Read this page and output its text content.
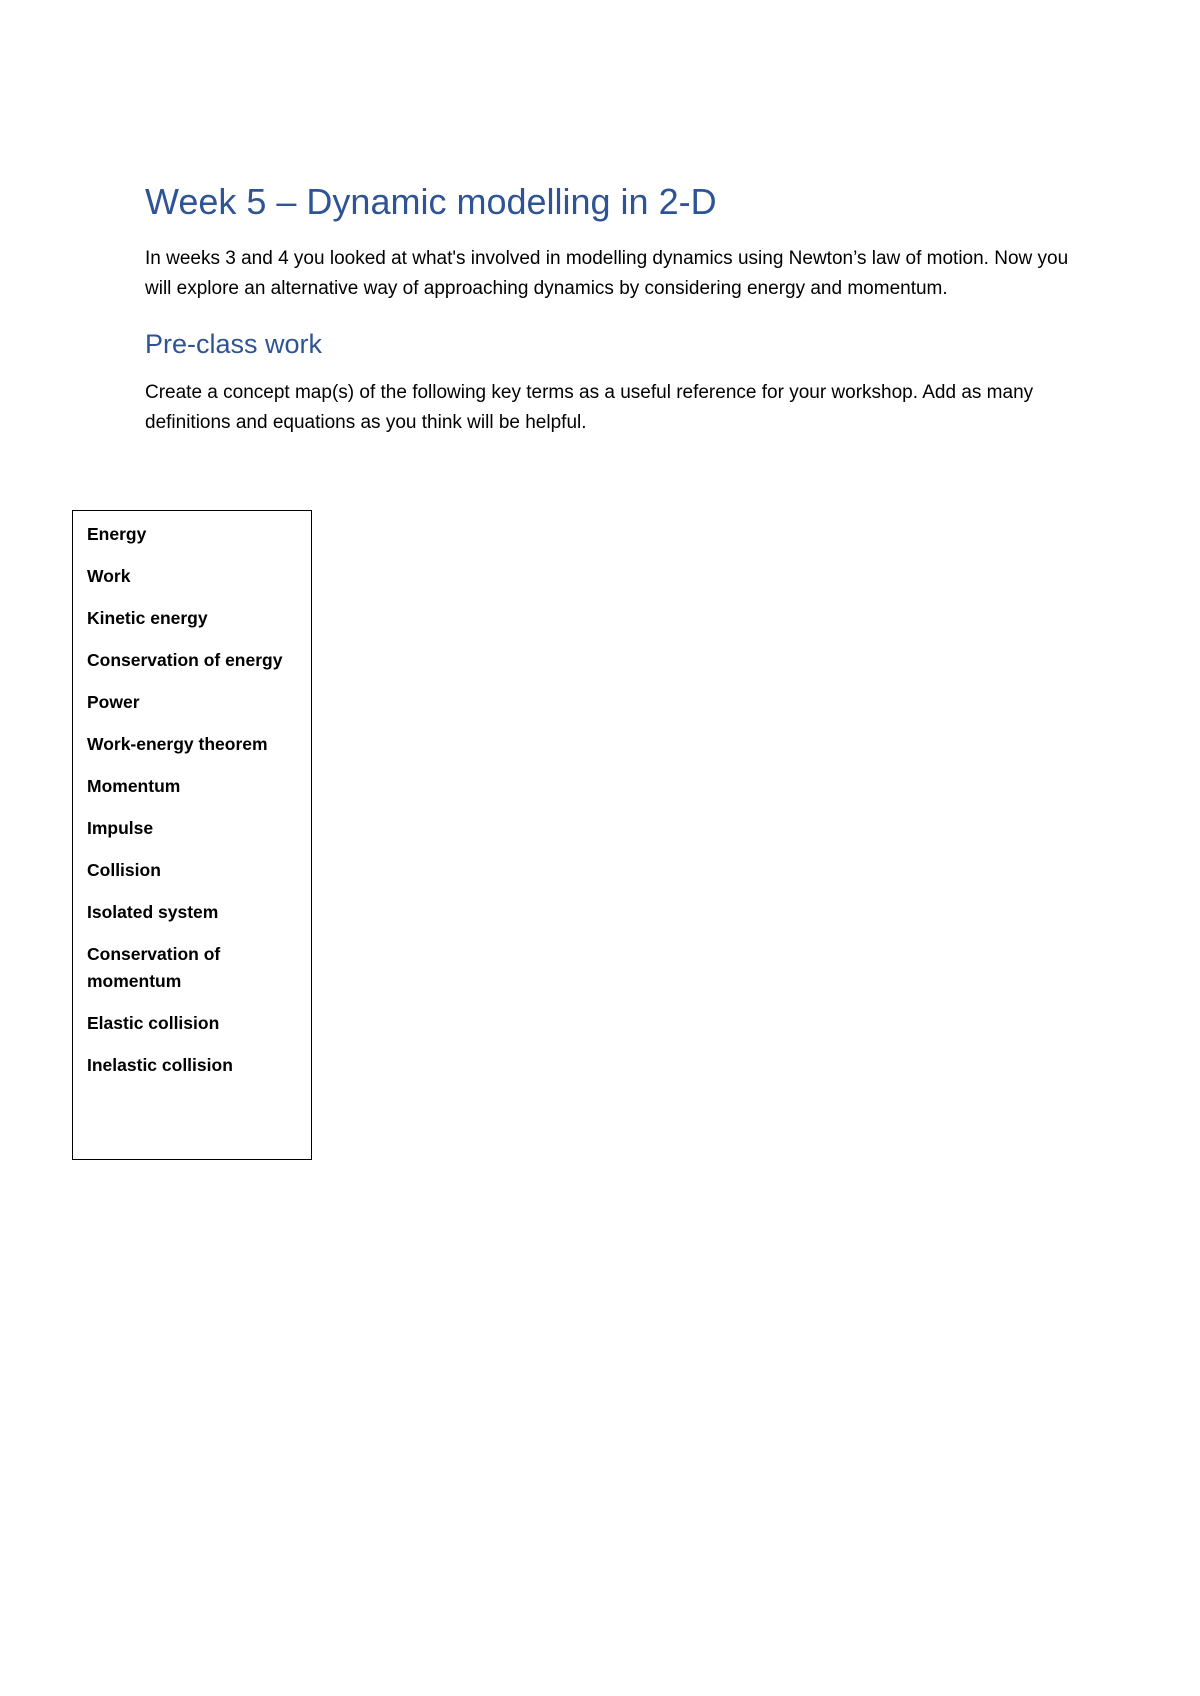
Week 5 – Dynamic modelling in 2-D

In weeks 3 and 4 you looked at what's involved in modelling dynamics using Newton’s law of motion. Now you will explore an alternative way of approaching dynamics by considering energy and momentum.

Pre-class work

Create a concept map(s) of the following key terms as a useful reference for your workshop. Add as many definitions and equations as you think will be helpful.

Energy
Work
Kinetic energy
Conservation of energy
Power
Work-energy theorem
Momentum
Impulse
Collision
Isolated system
Conservation of momentum
Elastic collision
Inelastic collision
